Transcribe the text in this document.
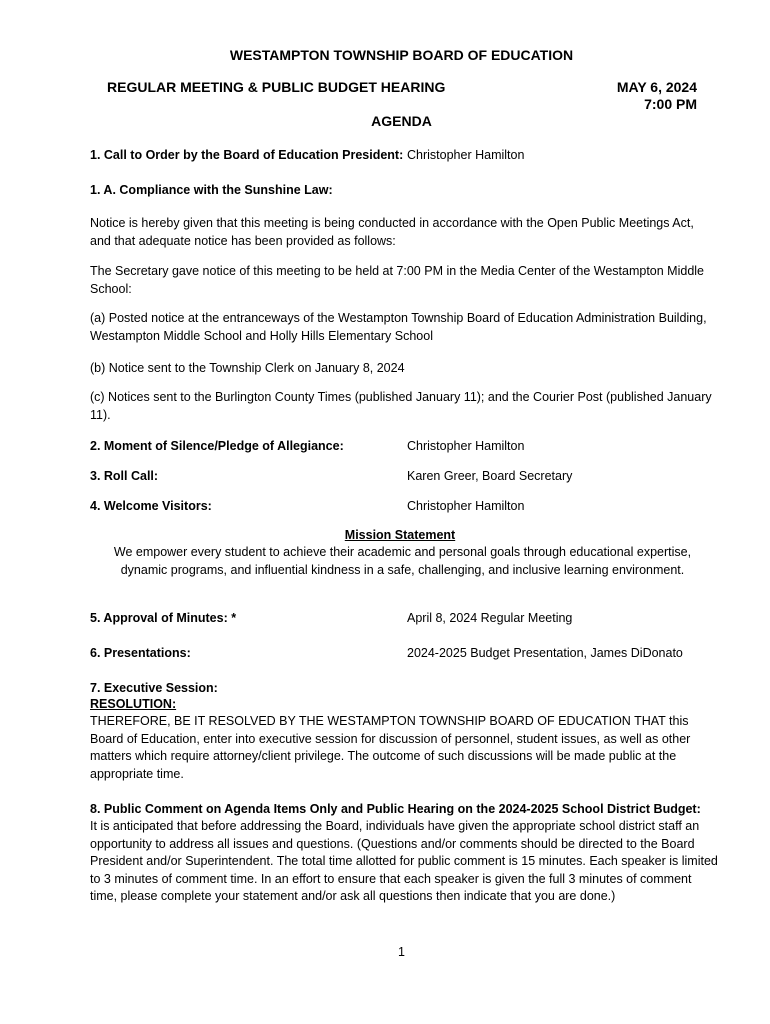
WESTAMPTON TOWNSHIP BOARD OF EDUCATION
REGULAR MEETING & PUBLIC BUDGET HEARING	MAY 6, 2024
7:00 PM
AGENDA
1. Call to Order by the Board of Education President: Christopher Hamilton
1. A. Compliance with the Sunshine Law:
Notice is hereby given that this meeting is being conducted in accordance with the Open Public Meetings Act, and that adequate notice has been provided as follows:
The Secretary gave notice of this meeting to be held at 7:00 PM in the Media Center of the Westampton Middle School:
(a) Posted notice at the entranceways of the Westampton Township Board of Education Administration Building, Westampton Middle School and Holly Hills Elementary School
(b) Notice sent to the Township Clerk on January 8, 2024
(c) Notices sent to the Burlington County Times (published January 11); and the Courier Post (published January 11).
2. Moment of Silence/Pledge of Allegiance:	Christopher Hamilton
3. Roll Call:	Karen Greer, Board Secretary
4. Welcome Visitors:	Christopher Hamilton
Mission Statement
We empower every student to achieve their academic and personal goals through educational expertise, dynamic programs, and influential kindness in a safe, challenging, and inclusive learning environment.
5. Approval of Minutes: *	April 8, 2024 Regular Meeting
6. Presentations:	2024-2025 Budget Presentation, James DiDonato
7. Executive Session:
RESOLUTION:
THEREFORE, BE IT RESOLVED BY THE WESTAMPTON TOWNSHIP BOARD OF EDUCATION THAT this Board of Education, enter into executive session for discussion of personnel, student issues, as well as other matters which require attorney/client privilege. The outcome of such discussions will be made public at the appropriate time.
8. Public Comment on Agenda Items Only and Public Hearing on the 2024-2025 School District Budget:
It is anticipated that before addressing the Board, individuals have given the appropriate school district staff an opportunity to address all issues and questions. (Questions and/or comments should be directed to the Board President and/or Superintendent. The total time allotted for public comment is 15 minutes. Each speaker is limited to 3 minutes of comment time. In an effort to ensure that each speaker is given the full 3 minutes of comment time, please complete your statement and/or ask all questions then indicate that you are done.)
1
